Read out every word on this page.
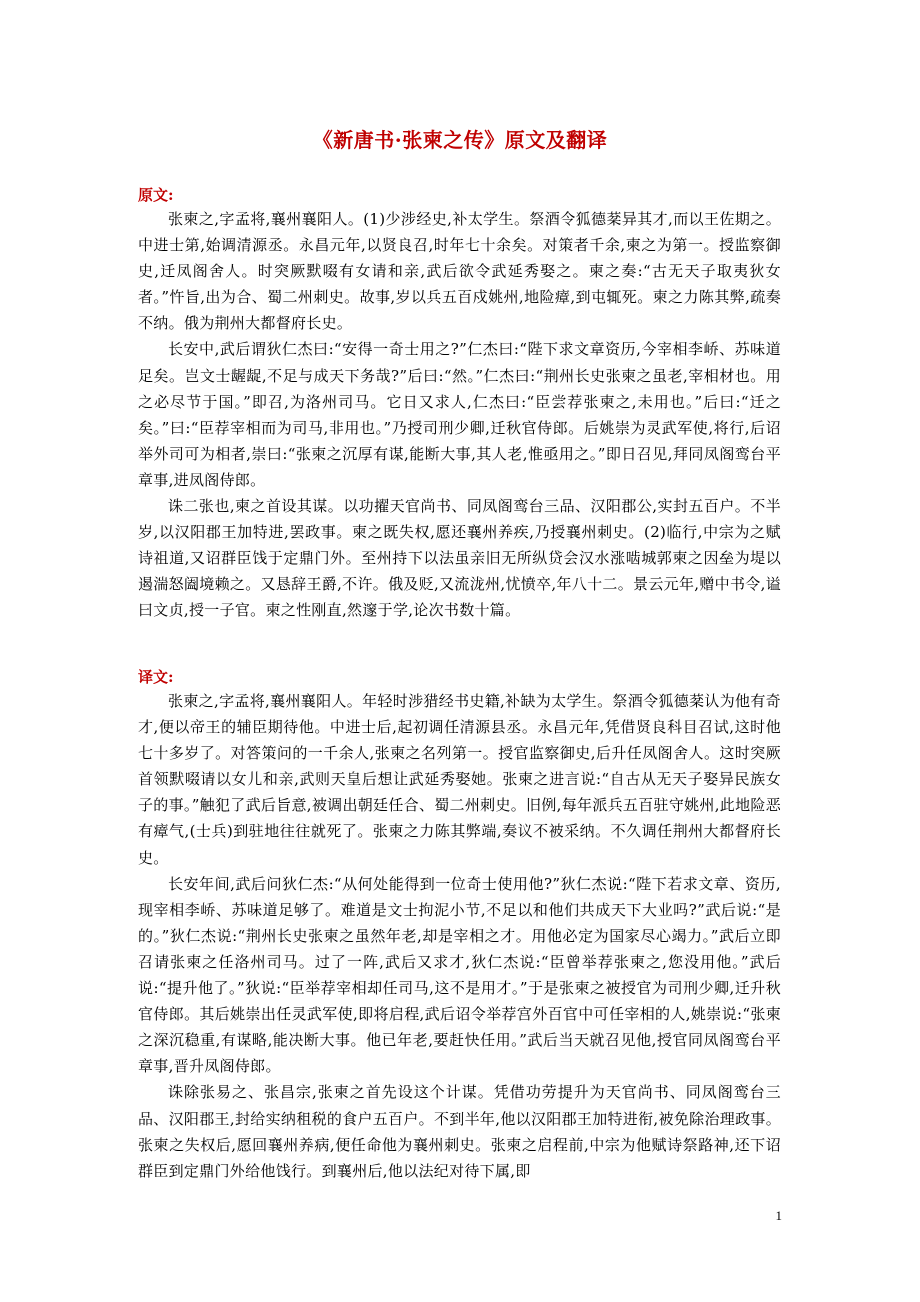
《新唐书·张柬之传》原文及翻译
原文:

张柬之,字孟将,襄州襄阳人。(1)少涉经史,补太学生。祭酒令狐德棻异其才,而以王佐期之。中进士第,始调清源丞。永昌元年,以贤良召,时年七十余矣。对策者千余,柬之为第一。授监察御史,迁凤阁舍人。时突厥默啜有女请和亲,武后欲令武延秀娶之。柬之奏:“古无天子取夷狄女者。”忤旨,出为合、蜀二州刺史。故事,岁以兵五百戍姚州,地险瘴,到屯辄死。柬之力陈其弊,疏奏不纳。俄为荆州大都督府长史。

长安中,武后谓狄仁杰曰:“安得一奇士用之?”仁杰曰:“陛下求文章资历,今宰相李峤、苏味道足矣。岂文士龌龊,不足与成天下务哉?”后曰:“然。”仁杰曰:“荆州长史张柬之虽老,宰相材也。用之必尽节于国。”即召,为洛州司马。它日又求人,仁杰曰:“臣尝荐张柬之,未用也。”后曰:“迁之矣。”曰:“臣荐宰相而为司马,非用也。”乃授司刑少卿,迁秋官侍郎。后姚崇为灵武军使,将行,后诏举外司可为相者,崇曰:“张柬之沉厚有谋,能断大事,其人老,惟亟用之。”即日召见,拜同凤阁鸾台平章事,进凤阁侍郎。

诛二张也,柬之首设其谋。以功擢天官尚书、同凤阁鸾台三品、汉阳郡公,实封五百户。不半岁,以汉阳郡王加特进,罢政事。柬之既失权,愿还襄州养疾,乃授襄州刺史。(2)临行,中宗为之赋诗祖道,又诏群臣饯于定鼎门外。至州持下以法虽亲旧无所纵贷会汉水涨啮城郭柬之因垒为堤以遏湍怒阖境赖之。又恳辞王爵,不许。俄及贬,又流泷州,忧愤卒,年八十二。景云元年,赠中书令,谥曰文贞,授一子官。柬之性刚直,然邃于学,论次书数十篇。

译文:

张柬之,字孟将,襄州襄阳人。年轻时涉猎经书史籍,补缺为太学生。祭酒令狐德棻认为他有奇才,便以帝王的辅臣期待他。中进士后,起初调任清源县丞。永昌元年,凭借贤良科目召试,这时他七十多岁了。对答策问的一千余人,张柬之名列第一。授官监察御史,后升任凤阁舍人。这时突厥首领默啜请以女儿和亲,武则天皇后想让武延秀娶她。张柬之进言说:“自古从无天子娶异民族女子的事。”触犯了武后旨意,被调出朝廷任合、蜀二州刺史。旧例,每年派兵五百驻守姚州,此地险恶有瘴气,(士兵)到驻地往往就死了。张柬之力陈其弊端,奏议不被采纳。不久调任荆州大都督府长史。

长安年间,武后问狄仁杰:“从何处能得到一位奇士使用他?”狄仁杰说:“陛下若求文章、资历,现宰相李峤、苏味道足够了。难道是文士拘泥小节,不足以和他们共成天下大业吗?”武后说:“是的。”狄仁杰说:“荆州长史张柬之虽然年老,却是宰相之才。用他必定为国家尽心竭力。”武后立即召请张柬之任洛州司马。过了一阵,武后又求才,狄仁杰说:“臣曾举荐张柬之,您没用他。”武后说:“提升他了。”狄说:“臣举荐宰相却任司马,这不是用才。”于是张柬之被授官为司刑少卿,迁升秋官侍郎。其后姚崇出任灵武军使,即将启程,武后诏令举荐宫外百官中可任宰相的人,姚崇说:“张柬之深沉稳重,有谋略,能决断大事。他已年老,要赶快任用。”武后当天就召见他,授官同凤阁鸾台平章事,晋升凤阁侍郎。

诛除张易之、张昌宗,张柬之首先设这个计谋。凭借功劳提升为天官尚书、同凤阁鸾台三品、汉阳郡王,封给实纳租税的食户五百户。不到半年,他以汉阳郡王加特进衔,被免除治理政事。张柬之失权后,愿回襄州养病,便任命他为襄州刺史。张柬之启程前,中宗为他赋诗祭路神,还下诏群臣到定鼎门外给他饯行。到襄州后,他以法纪对待下属,即

1
